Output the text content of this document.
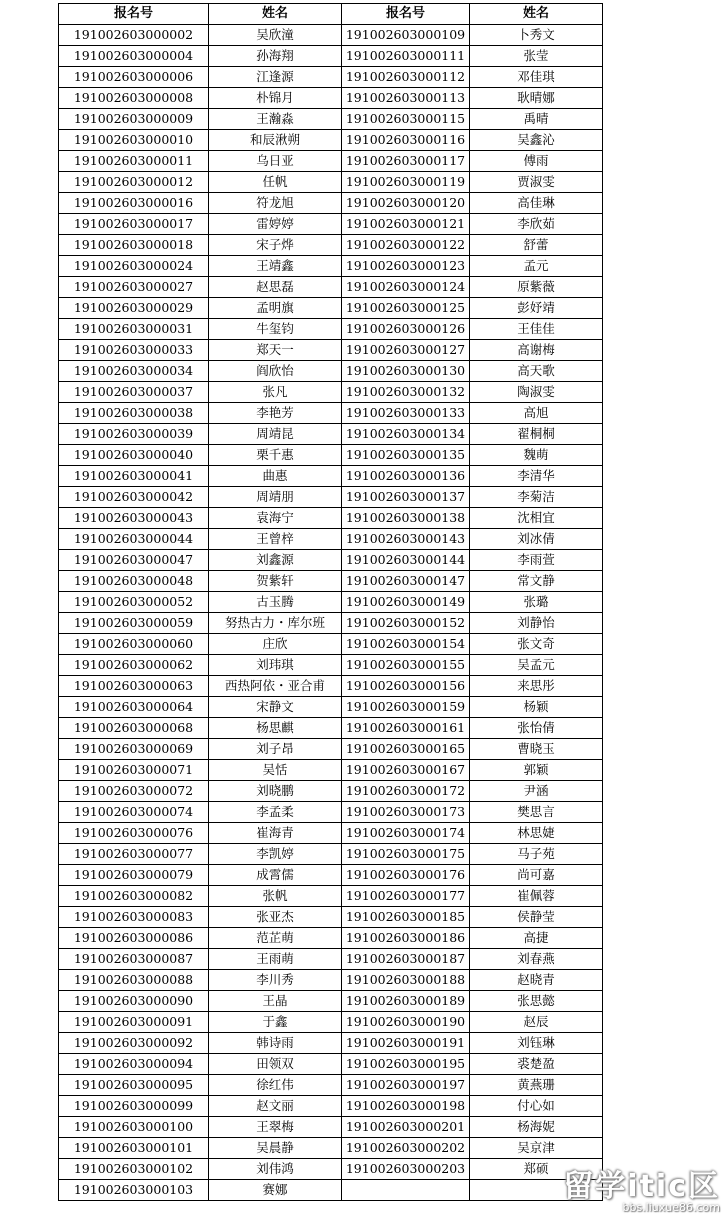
报名号	姓名	报名号	姓名
191002603000002	吴欣潼	191002603000109	卜秀文
191002603000004	孙海翔	191002603000111	张莹
191002603000006	江逢源	191002603000112	邓佳琪
191002603000008	朴锦月	191002603000113	耿晴娜
191002603000009	王瀚淼	191002603000115	禹晴
191002603000010	和辰湫朔	191002603000116	吴鑫沁
191002603000011	乌日亚	191002603000117	傅雨
191002603000012	任帆	191002603000119	贾淑雯
191002603000016	符龙旭	191002603000120	高佳琳
191002603000017	雷婷婷	191002603000121	李欣茹
191002603000018	宋子烨	191002603000122	舒蕾
191002603000024	王靖鑫	191002603000123	孟元
191002603000027	赵思磊	191002603000124	原紫薇
191002603000029	孟明旗	191002603000125	彭妤靖
191002603000031	牛玺钧	191002603000126	王佳佳
191002603000033	郑天一	191002603000127	高谢梅
191002603000034	阎欣怡	191002603000130	高天歌
191002603000037	张凡	191002603000132	陶淑雯
191002603000038	李艳芳	191002603000133	高旭
191002603000039	周靖昆	191002603000134	翟桐桐
191002603000040	栗千惠	191002603000135	魏萌
191002603000041	曲惠	191002603000136	李清华
191002603000042	周靖朋	191002603000137	李菊洁
191002603000043	袁海宁	191002603000138	沈相宜
191002603000044	王曾梓	191002603000143	刘冰倩
191002603000047	刘鑫源	191002603000144	李雨萱
191002603000048	贺紫轩	191002603000147	常文静
191002603000052	古玉腾	191002603000149	张璐
191002603000059	努热古力・库尔班	191002603000152	刘静怡
191002603000060	庄欣	191002603000154	张文奇
191002603000062	刘玮琪	191002603000155	吴孟元
191002603000063	西热阿依・亚合甫	191002603000156	来思彤
191002603000064	宋静文	191002603000159	杨颖
191002603000068	杨思麒	191002603000161	张怡倩
191002603000069	刘子昂	191002603000165	曹晓玉
191002603000071	吴恬	191002603000167	郭颖
191002603000072	刘晓鹏	191002603000172	尹涵
191002603000074	李孟柔	191002603000173	樊思言
191002603000076	崔海青	191002603000174	林思婕
191002603000077	李凯婷	191002603000175	马子苑
191002603000079	成霄儒	191002603000176	尚可嘉
191002603000082	张帆	191002603000177	崔佩蓉
191002603000083	张亚杰	191002603000185	侯静莹
191002603000086	范芷萌	191002603000186	高捷
191002603000087	王雨萌	191002603000187	刘春燕
191002603000088	李川秀	191002603000188	赵晓青
191002603000090	王晶	191002603000189	张思懿
191002603000091	于鑫	191002603000190	赵辰
191002603000092	韩诗雨	191002603000191	刘钰琳
191002603000094	田领双	191002603000195	裘楚盈
191002603000095	徐红伟	191002603000197	黄燕珊
191002603000099	赵文丽	191002603000198	付心如
191002603000100	王翠梅	191002603000201	杨海妮
191002603000101	吴晨静	191002603000202	吴京津
191002603000102	刘伟鸿	191002603000203	郑硕
191002603000103	赛娜			留学itic区
bbs.liuxue86.com
